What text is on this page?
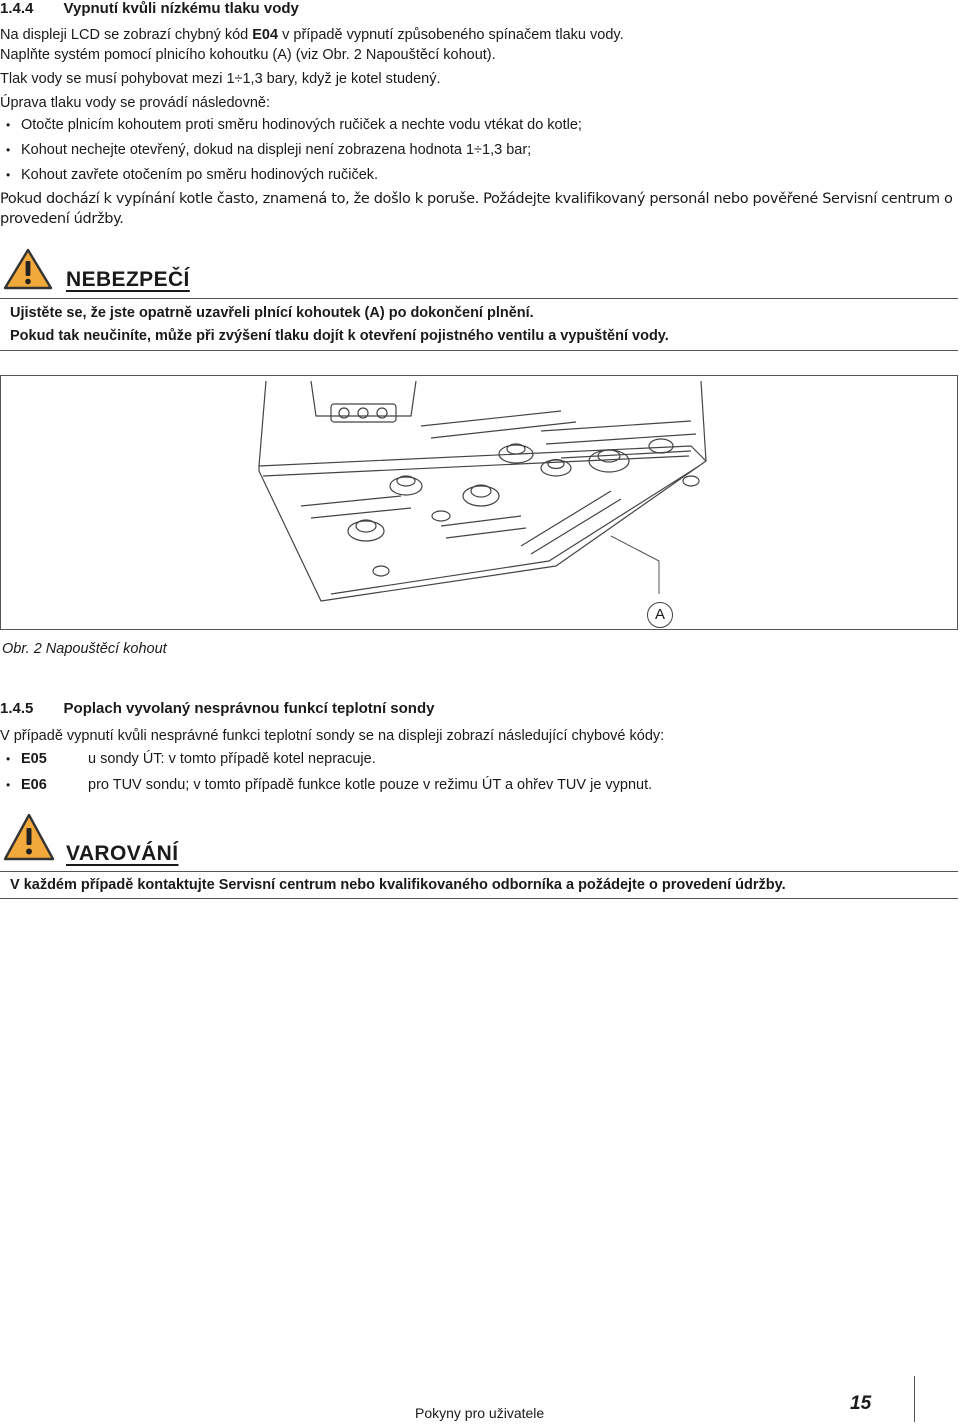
1.4.4 Vypnutí kvůli nízkému tlaku vody
Na displeji LCD se zobrazí chybný kód E04 v případě vypnutí způsobeného spínačem tlaku vody.
Naplňte systém pomocí plnicího kohoutku (A) (viz Obr. 2 Napouštěcí kohout).
Tlak vody se musí pohybovat mezi 1÷1,3 bary, když je kotel studený.
Úprava tlaku vody se provádí následovně:
• Otočte plnicím kohoutem proti směru hodinových ručiček a nechte vodu vtékat do kotle;
• Kohout nechejte otevřený, dokud na displeji není zobrazena hodnota 1÷1,3 bar;
• Kohout zavřete otočením po směru hodinových ručiček.
Pokud dochází k vypínání kotle často, znamená to, že došlo k poruše. Požádejte kvalifikovaný personál nebo pověřené Servisní centrum o
provedení údržby.
NEBEZPEČÍ
Ujistěte se, že jste opatrně uzavřeli plnící kohoutek (A) po dokončení plnění.
Pokud tak neučiníte, může při zvýšení tlaku dojít k otevření pojistného ventilu a vypuštění vody.
A
Obr. 2 Napouštěcí kohout
1.4.5 Poplach vyvolaný nesprávnou funkcí teplotní sondy
V případě vypnutí kvůli nesprávné funkci teplotní sondy se na displeji zobrazí následující chybové kódy:
• E05	u sondy ÚT: v tomto případě kotel nepracuje.
• E06	pro TUV sondu; v tomto případě funkce kotle pouze v režimu ÚT a ohřev TUV je vypnut.
VAROVÁNÍ
V každém případě kontaktujte Servisní centrum nebo kvalifikovaného odborníka a požádejte o provedení údržby.
Pokyny pro uživatele	15
